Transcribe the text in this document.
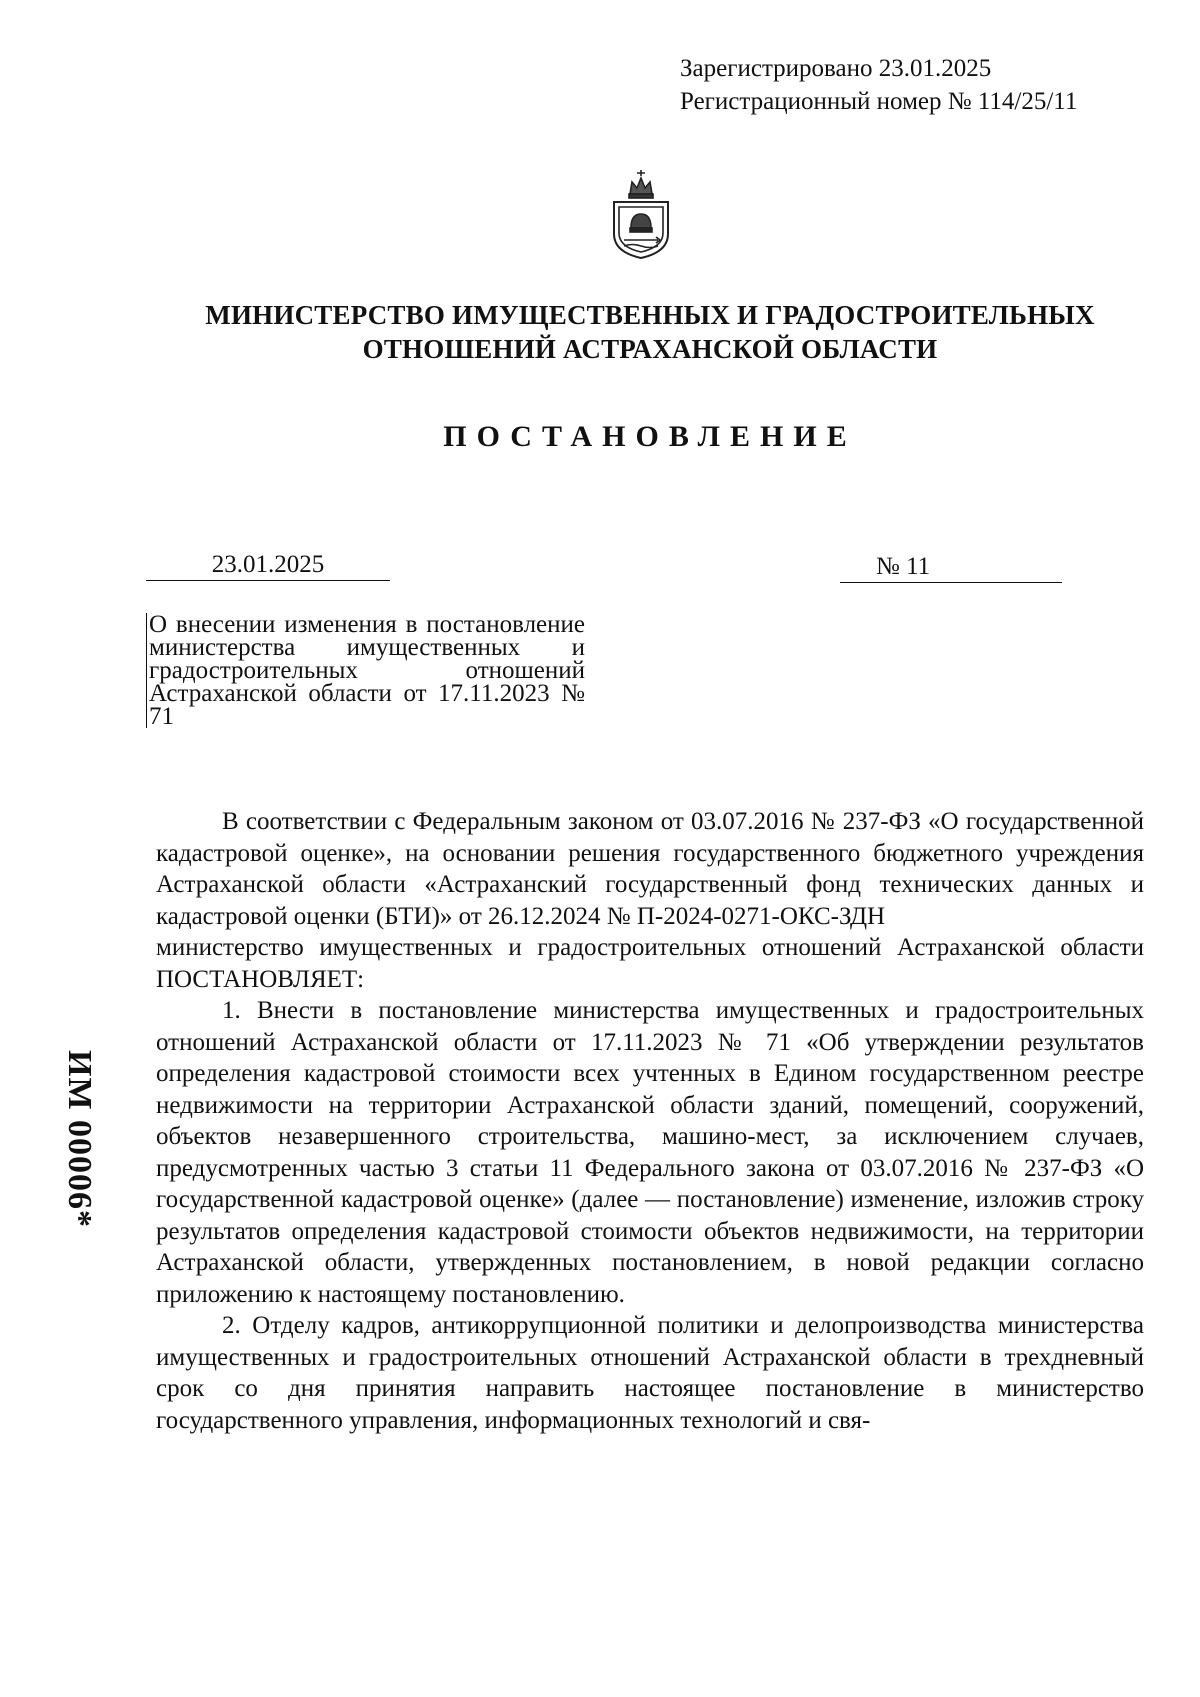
Зарегистрировано 23.01.2025
Регистрационный номер № 114/25/11
МИНИСТЕРСТВО ИМУЩЕСТВЕННЫХ И ГРАДОСТРОИТЕЛЬНЫХ
ОТНОШЕНИЙ АСТРАХАНСКОЙ ОБЛАСТИ
ПОСТАНОВЛЕНИЕ
23.01.2025	№ 11
О внесении изменения в постановление министерства имущественных и градостроительных отношений Астраханской области от 17.11.2023 № 71

В соответствии с Федеральным законом от 03.07.2016 № 237-ФЗ «О государственной кадастровой оценке», на основании решения государственного бюджетного учреждения Астраханской области «Астраханский государственный фонд технических данных и кадастровой оценки (БТИ)» от 26.12.2024 № П-2024-0271-ОКС-ЗДН

министерство имущественных и градостроительных отношений Астраханской области ПОСТАНОВЛЯЕТ:

1. Внести в постановление министерства имущественных и градостроительных отношений Астраханской области от 17.11.2023 № 71 «Об утверждении результатов определения кадастровой стоимости всех учтенных в Едином государственном реестре недвижимости на территории Астраханской области зданий, помещений, сооружений, объектов незавершенного строительства, машино-мест, за исключением случаев, предусмотренных частью 3 статьи 11 Федерального закона от 03.07.2016 № 237-ФЗ «О государственной кадастровой оценке» (далее — постановление) изменение, изложив строку результатов определения кадастровой стоимости объектов недвижимости, на территории Астраханской области, утвержденных постановлением, в новой редакции согласно приложению к настоящему постановлению.

2. Отделу кадров, антикоррупционной политики и делопроизводства министерства имущественных и градостроительных отношений Астраханской области в трехдневный срок со дня принятия направить настоящее постановление в министерство государственного управления, информационных технологий и свя-

ИМ 00006*
